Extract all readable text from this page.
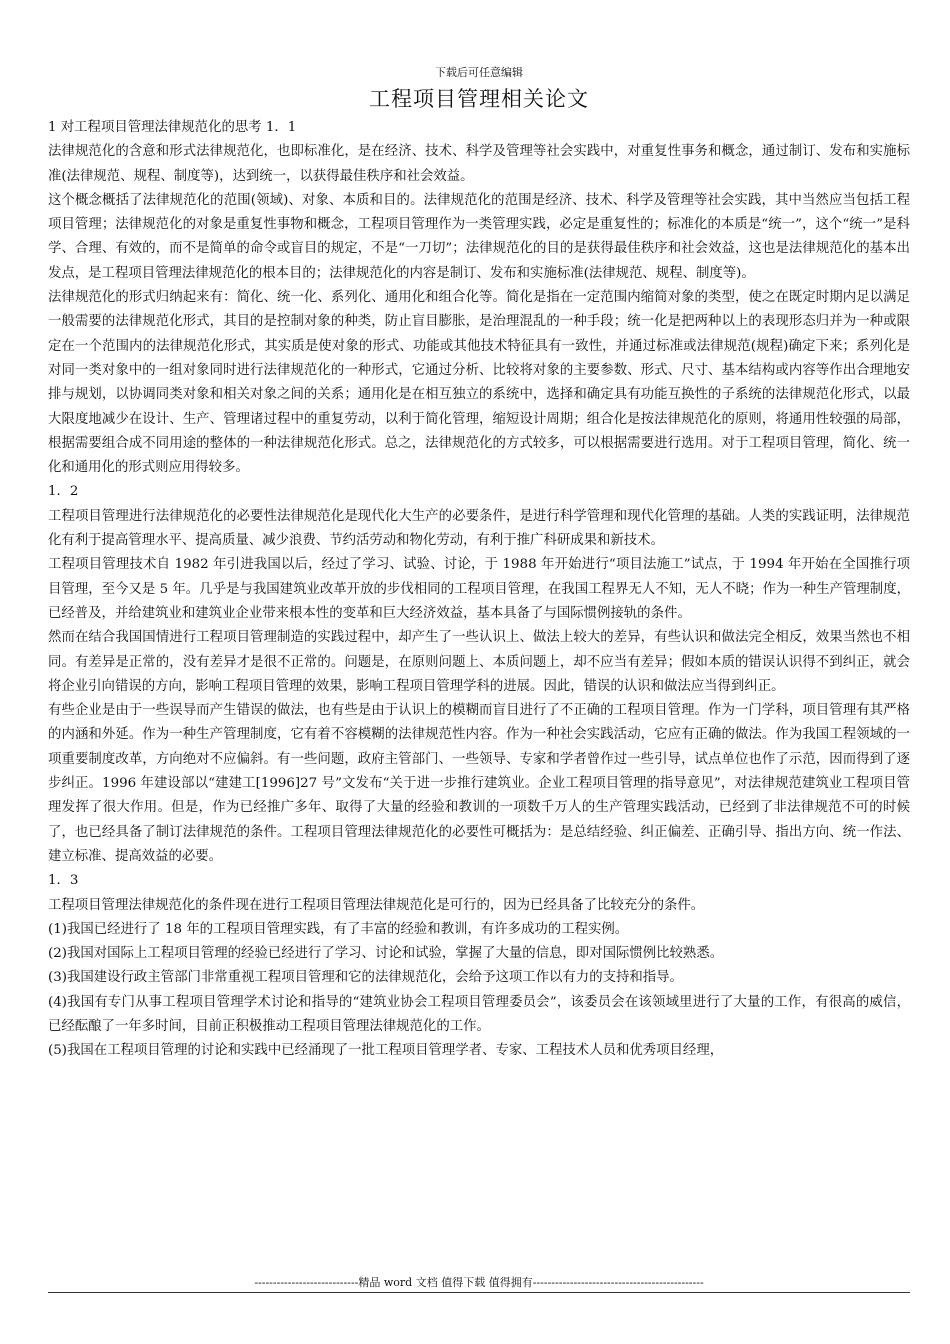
下载后可任意编辑
工程项目管理相关论文

1 对工程项目管理法律规范化的思考 1．1

法律规范化的含意和形式法律规范化，也即标准化，是在经济、技术、科学及管理等社会实践中，对重复性事务和概念，通过制订、发布和实施标准(法律规范、规程、制度等)，达到统一，以获得最佳秩序和社会效益。

这个概念概括了法律规范化的范围(领域)、对象、本质和目的。法律规范化的范围是经济、技术、科学及管理等社会实践，其中当然应当包括工程项目管理；法律规范化的对象是重复性事物和概念，工程项目管理作为一类管理实践，必定是重复性的；标准化的本质是“统一”，这个“统一”是科学、合理、有效的，而不是简单的命令或盲目的规定，不是“一刀切”；法律规范化的目的是获得最佳秩序和社会效益，这也是法律规范化的基本出发点，是工程项目管理法律规范化的根本目的；法律规范化的内容是制订、发布和实施标准(法律规范、规程、制度等)。

法律规范化的形式归纳起来有：简化、统一化、系列化、通用化和组合化等。简化是指在一定范围内缩简对象的类型，使之在既定时期内足以满足一般需要的法律规范化形式，其目的是控制对象的种类，防止盲目膨胀，是治理混乱的一种手段；统一化是把两种以上的表现形态归并为一种或限定在一个范围内的法律规范化形式，其实质是使对象的形式、功能或其他技术特征具有一致性，并通过标准或法律规范(规程)确定下来；系列化是对同一类对象中的一组对象同时进行法律规范化的一种形式，它通过分析、比较将对象的主要参数、形式、尺寸、基本结构或内容等作出合理地安排与规划，以协调同类对象和相关对象之间的关系；通用化是在相互独立的系统中，选择和确定具有功能互换性的子系统的法律规范化形式，以最大限度地减少在设计、生产、管理诸过程中的重复劳动，以利于简化管理，缩短设计周期；组合化是按法律规范化的原则，将通用性较强的局部，根据需要组合成不同用途的整体的一种法律规范化形式。总之，法律规范化的方式较多，可以根据需要进行选用。对于工程项目管理，简化、统一化和通用化的形式则应用得较多。

1．2

工程项目管理进行法律规范化的必要性法律规范化是现代化大生产的必要条件，是进行科学管理和现代化管理的基础。人类的实践证明，法律规范化有利于提高管理水平、提高质量、减少浪费、节约活劳动和物化劳动，有利于推广科研成果和新技术。

工程项目管理技术自 1982 年引进我国以后，经过了学习、试验、讨论，于 1988 年开始进行“项目法施工”试点，于 1994 年开始在全国推行项目管理，至今又是 5 年。几乎是与我国建筑业改革开放的步伐相同的工程项目管理，在我国工程界无人不知，无人不晓；作为一种生产管理制度，已经普及，并给建筑业和建筑业企业带来根本性的变革和巨大经济效益，基本具备了与国际惯例接轨的条件。

然而在结合我国国情进行工程项目管理制造的实践过程中，却产生了一些认识上、做法上较大的差异，有些认识和做法完全相反，效果当然也不相同。有差异是正常的，没有差异才是很不正常的。问题是，在原则问题上、本质问题上，却不应当有差异；假如本质的错误认识得不到纠正，就会将企业引向错误的方向，影响工程项目管理的效果，影响工程项目管理学科的进展。因此，错误的认识和做法应当得到纠正。

有些企业是由于一些误导而产生错误的做法，也有些是由于认识上的模糊而盲目进行了不正确的工程项目管理。作为一门学科，项目管理有其严格的内涵和外延。作为一种生产管理制度，它有着不容模糊的法律规范性内容。作为一种社会实践活动，它应有正确的做法。作为我国工程领域的一项重要制度改革，方向绝对不应偏斜。有一些问题，政府主管部门、一些领导、专家和学者曾作过一些引导，试点单位也作了示范，因而得到了逐步纠正。1996 年建设部以“建建工[1996]27 号”文发布“关于进一步推行建筑业。企业工程项目管理的指导意见”，对法律规范建筑业工程项目管理发挥了很大作用。但是，作为已经推广多年、取得了大量的经验和教训的一项数千万人的生产管理实践活动，已经到了非法律规范不可的时候了，也已经具备了制订法律规范的条件。工程项目管理法律规范化的必要性可概括为：是总结经验、纠正偏差、正确引导、指出方向、统一作法、建立标准、提高效益的必要。

1．3

工程项目管理法律规范化的条件现在进行工程项目管理法律规范化是可行的，因为已经具备了比较充分的条件。

(1)我国已经进行了 18 年的工程项目管理实践，有了丰富的经验和教训，有许多成功的工程实例。

(2)我国对国际上工程项目管理的经验已经进行了学习、讨论和试验，掌握了大量的信息，即对国际惯例比较熟悉。

(3)我国建设行政主管部门非常重视工程项目管理和它的法律规范化，会给予这项工作以有力的支持和指导。

(4)我国有专门从事工程项目管理学术讨论和指导的“建筑业协会工程项目管理委员会”，该委员会在该领域里进行了大量的工作，有很高的威信，已经酝酿了一年多时间，目前正积极推动工程项目管理法律规范化的工作。

(5)我国在工程项目管理的讨论和实践中已经涌现了一批工程项目管理学者、专家、工程技术人员和优秀项目经理，

----------------------------精品 word 文档 值得下载 值得拥有----------------------------------------------
